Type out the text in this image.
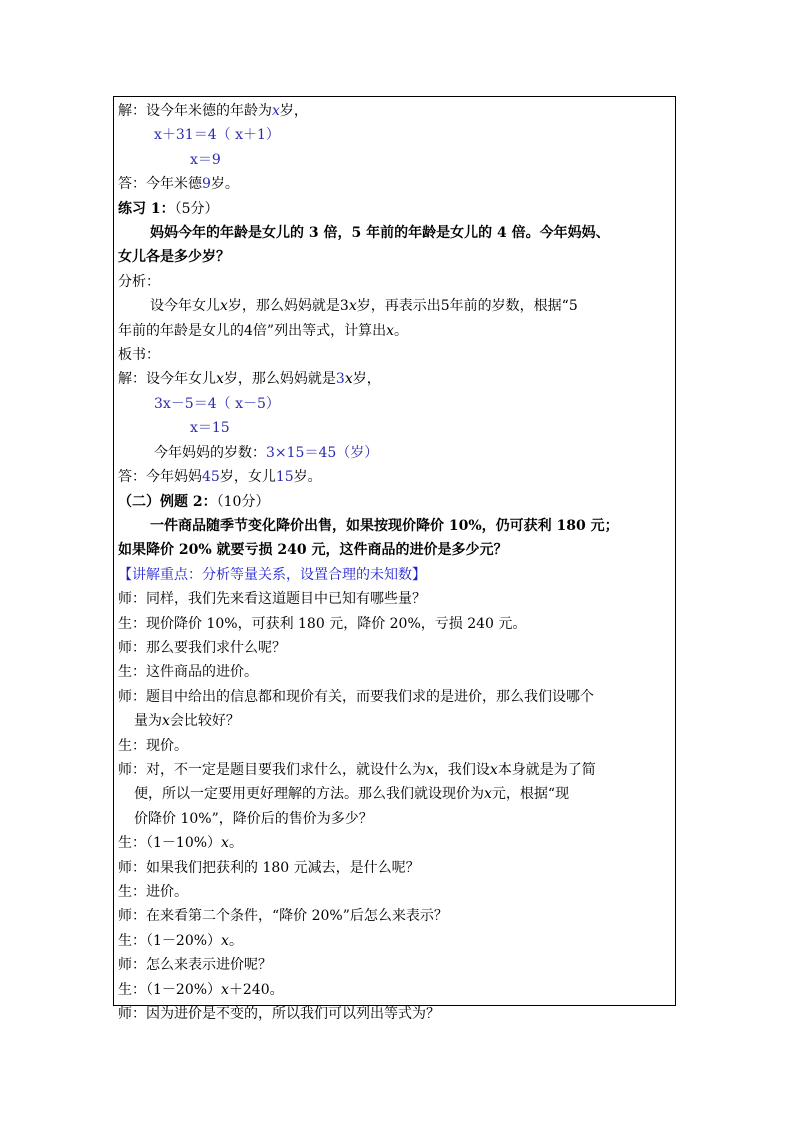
解：设今年米德的年龄为x岁，
x＋31＝4（ x＋1）
x＝9
答：今年米德9岁。
练习 1：（5分）
妈妈今年的年龄是女儿的 3 倍，5 年前的年龄是女儿的 4 倍。今年妈妈、
女儿各是多少岁？
分析：
设今年女儿x岁，那么妈妈就是3x岁，再表示出5年前的岁数，根据“5
年前的年龄是女儿的4倍”列出等式，计算出x。
板书：
解：设今年女儿x岁，那么妈妈就是3x岁，
3x－5＝4（ x－5）
x＝15
今年妈妈的岁数：3×15＝45（岁）
答：今年妈妈45岁，女儿15岁。
（二）例题 2：（10分）
一件商品随季节变化降价出售，如果按现价降价 10%，仍可获利 180 元；
如果降价 20% 就要亏损 240 元，这件商品的进价是多少元？
【讲解重点：分析等量关系，设置合理的未知数】
师：同样，我们先来看这道题目中已知有哪些量？
生：现价降价 10%，可获利 180 元，降价 20%，亏损 240 元。
师：那么要我们求什么呢？
生：这件商品的进价。
师：题目中给出的信息都和现价有关，而要我们求的是进价，那么我们设哪个
量为x会比较好？
生：现价。
师：对，不一定是题目要我们求什么，就设什么为x，我们设x本身就是为了简
便，所以一定要用更好理解的方法。那么我们就设现价为x元，根据“现
价降价 10%”，降价后的售价为多少？
生：（1－10%）x。
师：如果我们把获利的 180 元减去，是什么呢？
生：进价。
师：在来看第二个条件，“降价 20%”后怎么来表示？
生：（1－20%）x。
师：怎么来表示进价呢？
生：（1－20%）x＋240。
师：因为进价是不变的，所以我们可以列出等式为？
